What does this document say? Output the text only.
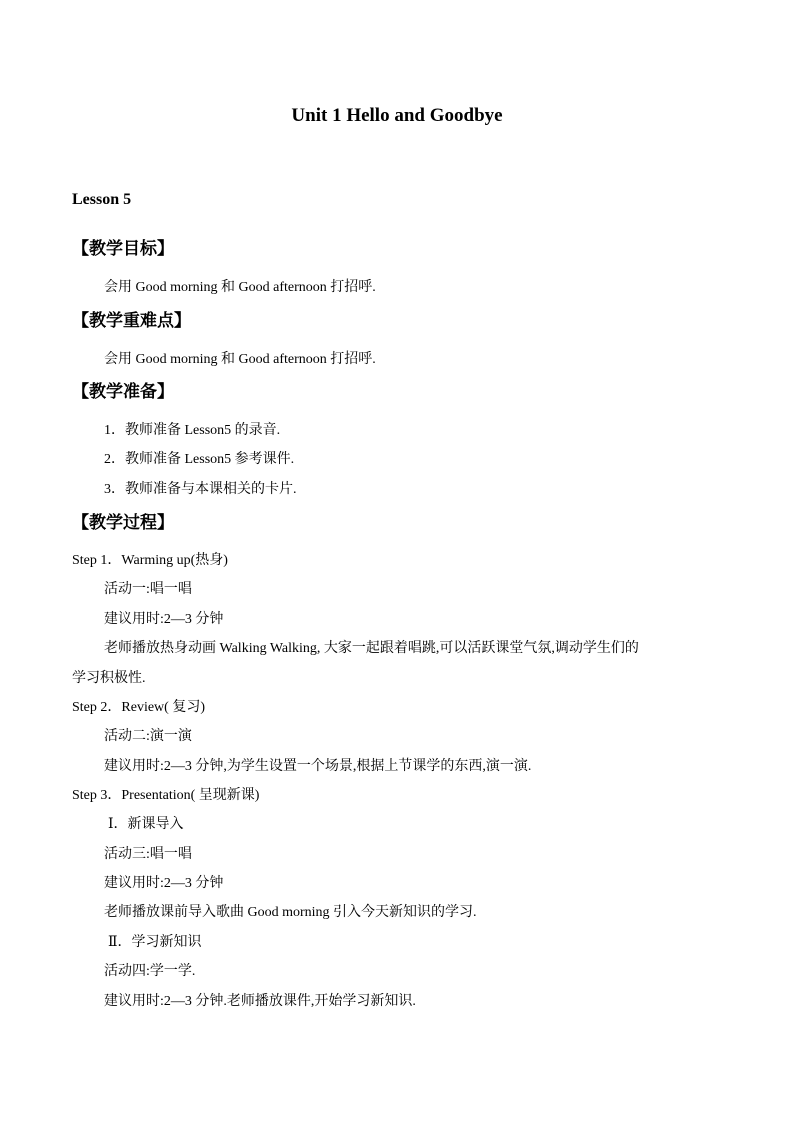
Unit 1 Hello and Goodbye
Lesson 5
【教学目标】
会用 Good morning 和 Good afternoon 打招呼.
【教学重难点】
会用 Good morning 和 Good afternoon 打招呼.
【教学准备】
1．教师准备 Lesson5 的录音.
2．教师准备 Lesson5 参考课件.
3．教师准备与本课相关的卡片.
【教学过程】
Step 1．Warming up(热身)
活动一:唱一唱
建议用时:2—3 分钟
老师播放热身动画 Walking Walking, 大家一起跟着唱跳,可以活跃课堂气氛,调动学生们的
学习积极性.
Step 2．Review( 复习)
活动二:演一演
建议用时:2—3 分钟,为学生设置一个场景,根据上节课学的东西,演一演.
Step 3．Presentation( 呈现新课)
Ⅰ．新课导入
活动三:唱一唱
建议用时:2—3 分钟
老师播放课前导入歌曲 Good morning 引入今天新知识的学习.
Ⅱ．学习新知识
活动四:学一学.
建议用时:2—3 分钟.老师播放课件,开始学习新知识.
